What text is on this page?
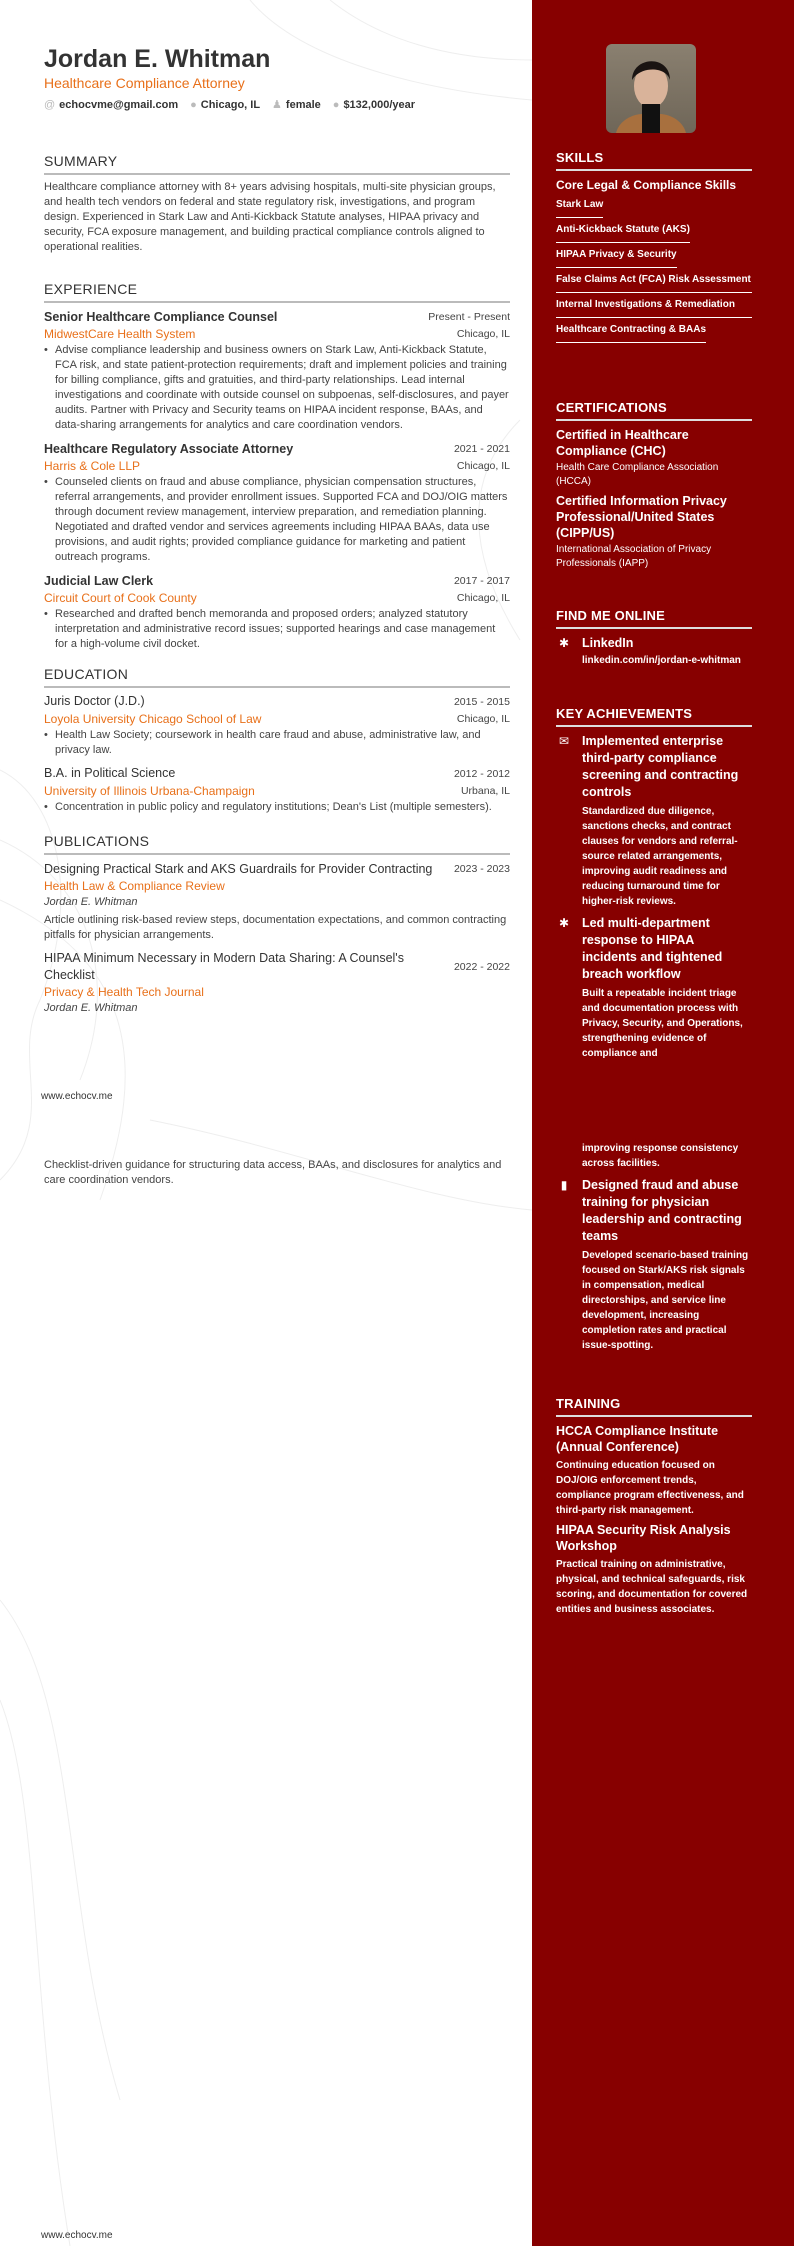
Jordan E. Whitman
Healthcare Compliance Attorney
@ echocvme@gmail.com ● Chicago, IL ♟ female ● $132,000/year
SUMMARY
Healthcare compliance attorney with 8+ years advising hospitals, multi-site physician groups, and health tech vendors on federal and state regulatory risk, investigations, and program design. Experienced in Stark Law and Anti-Kickback Statute analyses, HIPAA privacy and security, FCA exposure management, and building practical compliance controls aligned to operational realities.
EXPERIENCE
Senior Healthcare Compliance Counsel	Present - Present
MidwestCare Health System	Chicago, IL
• Advise compliance leadership and business owners on Stark Law, Anti-Kickback Statute, FCA risk, and state patient-protection requirements; draft and implement policies and training for billing compliance, gifts and gratuities, and third-party relationships. Lead internal investigations and coordinate with outside counsel on subpoenas, self-disclosures, and payer audits. Partner with Privacy and Security teams on HIPAA incident response, BAAs, and data-sharing arrangements for analytics and care coordination vendors.
Healthcare Regulatory Associate Attorney	2021 - 2021
Harris & Cole LLP	Chicago, IL
• Counseled clients on fraud and abuse compliance, physician compensation structures, referral arrangements, and provider enrollment issues. Supported FCA and DOJ/OIG matters through document review management, interview preparation, and remediation planning. Negotiated and drafted vendor and services agreements including HIPAA BAAs, data use provisions, and audit rights; provided compliance guidance for marketing and patient outreach programs.
Judicial Law Clerk	2017 - 2017
Circuit Court of Cook County	Chicago, IL
• Researched and drafted bench memoranda and proposed orders; analyzed statutory interpretation and administrative record issues; supported hearings and case management for a high-volume civil docket.
EDUCATION
Juris Doctor (J.D.)	2015 - 2015
Loyola University Chicago School of Law	Chicago, IL
• Health Law Society; coursework in health care fraud and abuse, administrative law, and privacy law.
B.A. in Political Science	2012 - 2012
University of Illinois Urbana-Champaign	Urbana, IL
• Concentration in public policy and regulatory institutions; Dean's List (multiple semesters).
PUBLICATIONS
Designing Practical Stark and AKS Guardrails for Provider Contracting 2023 - 2023
Health Law & Compliance Review
Jordan E. Whitman
Article outlining risk-based review steps, documentation expectations, and common contracting pitfalls for physician arrangements.
HIPAA Minimum Necessary in Modern Data Sharing: A Counsel's Checklist
2022 - 2022
Privacy & Health Tech Journal
Jordan E. Whitman
www.echocv.me
Checklist-driven guidance for structuring data access, BAAs, and disclosures for analytics and care coordination vendors.
www.echocv.me
SKILLS
Core Legal & Compliance Skills
Stark Law
Anti-Kickback Statute (AKS)
HIPAA Privacy & Security
False Claims Act (FCA) Risk Assessment
Internal Investigations & Remediation
Healthcare Contracting & BAAs
CERTIFICATIONS
Certified in Healthcare Compliance (CHC)
Health Care Compliance Association (HCCA)
Certified Information Privacy Professional/United States (CIPP/US)
International Association of Privacy Professionals (IAPP)
FIND ME ONLINE
✱ LinkedIn
linkedin.com/in/jordan-e-whitman
KEY ACHIEVEMENTS
✉ Implemented enterprise third-party compliance screening and contracting controls
Standardized due diligence, sanctions checks, and contract clauses for vendors and referral-source related arrangements, improving audit readiness and reducing turnaround time for higher-risk reviews.
✱ Led multi-department response to HIPAA incidents and tightened breach workflow
Built a repeatable incident triage and documentation process with Privacy, Security, and Operations, strengthening evidence of compliance and
improving response consistency across facilities.
▮	Designed fraud and abuse training for physician leadership and contracting teams
Developed scenario-based training focused on Stark/AKS risk signals in compensation, medical directorships, and service line development, increasing completion rates and practical issue-spotting.
TRAINING
HCCA Compliance Institute (Annual Conference)
Continuing education focused on DOJ/OIG enforcement trends, compliance program effectiveness, and third-party risk management.
HIPAA Security Risk Analysis Workshop
Practical training on administrative, physical, and technical safeguards, risk scoring, and documentation for covered entities and business associates.
